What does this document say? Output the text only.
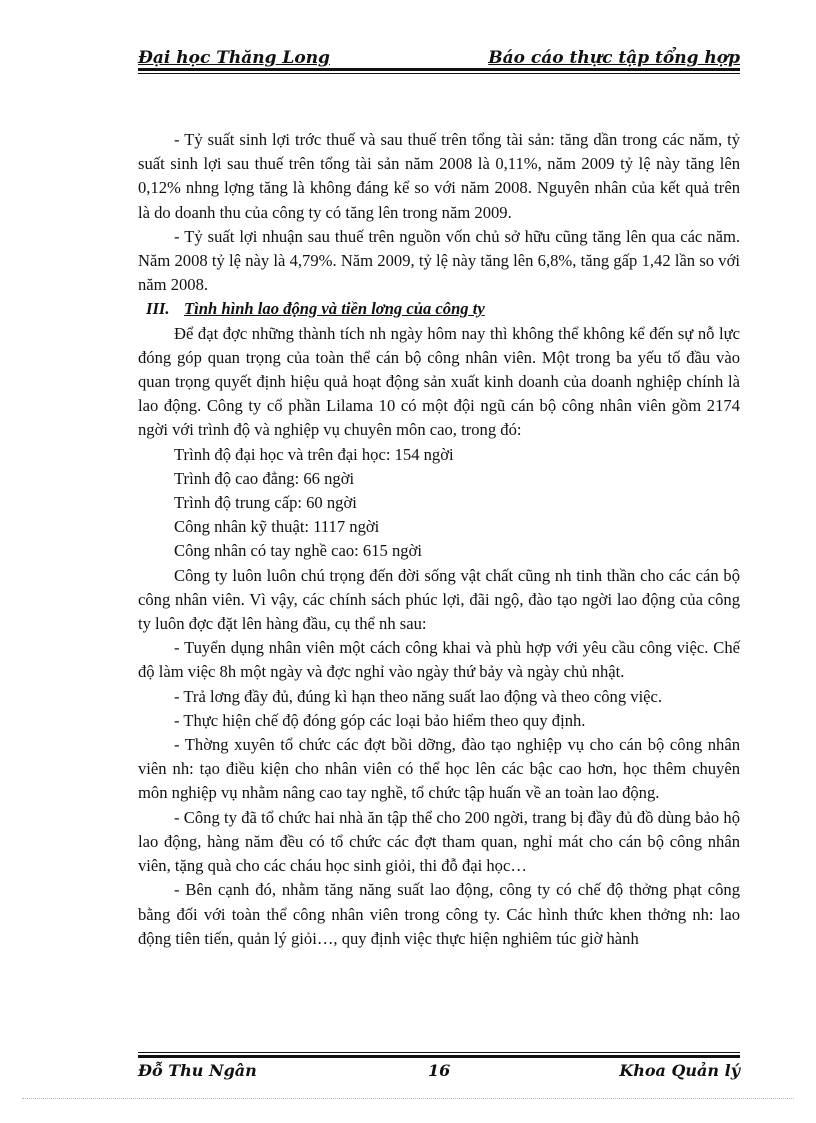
Đại học Thăng Long	Báo cáo thực tập tổng hợp

- Tỷ suất sinh lợi trớc thuế và sau thuế trên tổng tài sản: tăng dần trong các năm, tỷ suất sinh lợi sau thuế trên tổng tài sản năm 2008 là 0,11%, năm 2009 tỷ lệ này tăng lên 0,12% nhng lợng tăng là không đáng kể so với năm 2008. Nguyên nhân của kết quả trên là do doanh thu của công ty có tăng lên trong năm 2009.

- Tỷ suất lợi nhuận sau thuế trên nguồn vốn chủ sở hữu cũng tăng lên qua các năm. Năm 2008 tỷ lệ này là 4,79%. Năm 2009, tỷ lệ này tăng lên 6,8%, tăng gấp 1,42 lần so với năm 2008.

III. Tình hình lao động và tiền lơng của công ty

Để đạt đợc những thành tích nh ngày hôm nay thì không thể không kể đến sự nỗ lực đóng góp quan trọng của toàn thể cán bộ công nhân viên. Một trong ba yếu tố đầu vào quan trọng quyết định hiệu quả hoạt động sản xuất kinh doanh của doanh nghiệp chính là lao động. Công ty cổ phần Lilama 10 có một đội ngũ cán bộ công nhân viên gồm 2174 ngời với trình độ và nghiệp vụ chuyên môn cao, trong đó:

Trình độ đại học và trên đại học: 154 ngời

Trình độ cao đẳng: 66 ngời

Trình độ trung cấp: 60 ngời

Công nhân kỹ thuật: 1117 ngời

Công nhân có tay nghề cao: 615 ngời

Công ty luôn luôn chú trọng đến đời sống vật chất cũng nh tinh thần cho các cán bộ công nhân viên. Vì vậy, các chính sách phúc lợi, đãi ngộ, đào tạo ngời lao động của công ty luôn đợc đặt lên hàng đầu, cụ thể nh sau:

- Tuyển dụng nhân viên một cách công khai và phù hợp với yêu cầu công việc. Chế độ làm việc 8h một ngày và đợc nghỉ vào ngày thứ bảy và ngày chủ nhật.

- Trả lơng đầy đủ, đúng kì hạn theo năng suất lao động và theo công việc.

- Thực hiện chế độ đóng góp các loại bảo hiểm theo quy định.

- Thờng xuyên tổ chức các đợt bồi dỡng, đào tạo nghiệp vụ cho cán bộ công nhân viên nh: tạo điều kiện cho nhân viên có thể học lên các bậc cao hơn, học thêm chuyên môn nghiệp vụ nhằm nâng cao tay nghề, tổ chức tập huấn về an toàn lao động.

- Công ty đã tổ chức hai nhà ăn tập thể cho 200 ngời, trang bị đầy đủ đồ dùng bảo hộ lao động, hàng năm đều có tổ chức các đợt tham quan, nghỉ mát cho cán bộ công nhân viên, tặng quà cho các cháu học sinh giỏi, thi đỗ đại học…

- Bên cạnh đó, nhằm tăng năng suất lao động, công ty có chế độ thởng phạt công bằng đối với toàn thể công nhân viên trong công ty. Các hình thức khen thởng nh: lao động tiên tiến, quản lý giỏi…, quy định việc thực hiện nghiêm túc giờ hành

Đỗ Thu Ngân	16	Khoa Quản lý
